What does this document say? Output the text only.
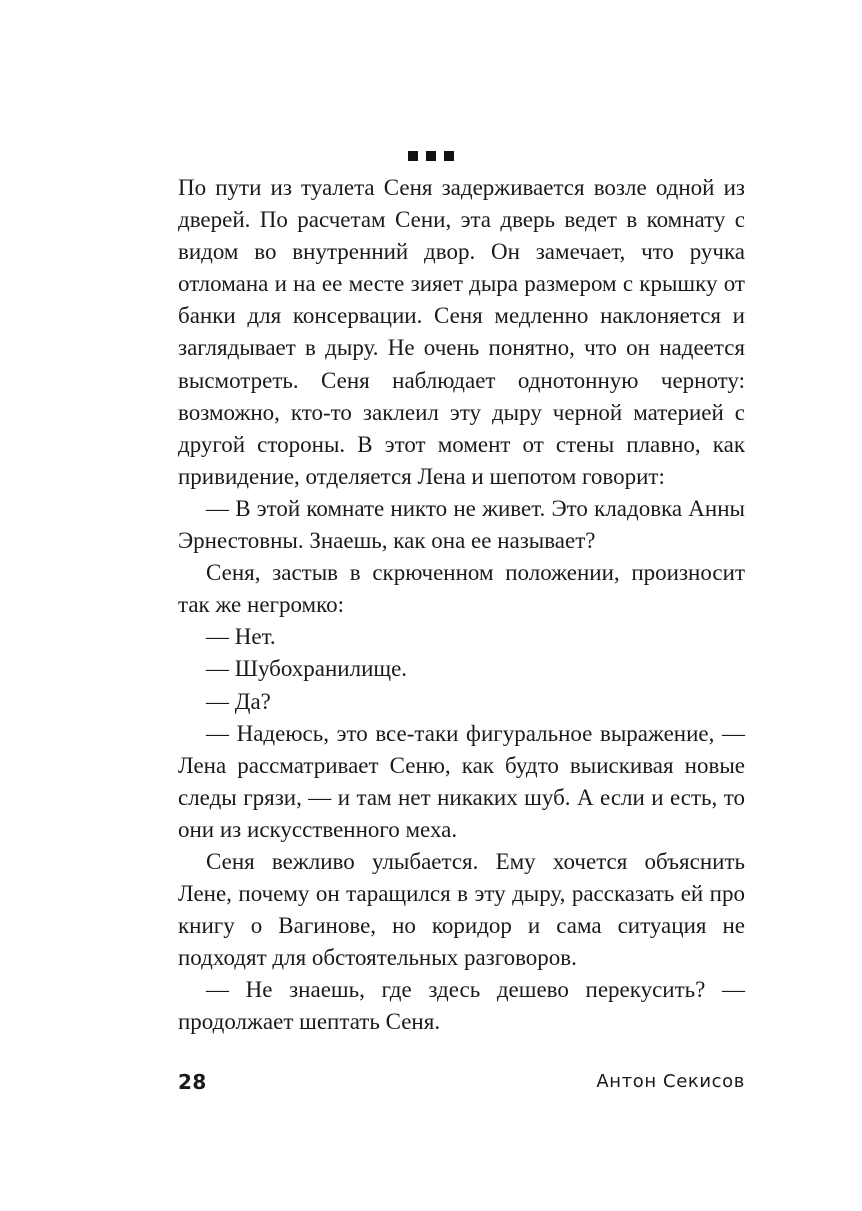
По пути из туалета Сеня задерживается возле одной из дверей. По расчетам Сени, эта дверь ведет в комнату с видом во внутренний двор. Он замечает, что ручка отломана и на ее месте зияет дыра размером с крышку от банки для консервации. Сеня медленно наклоняется и заглядывает в дыру. Не очень понятно, что он надеется высмотреть. Сеня наблюдает однотонную черноту: возможно, кто-то заклеил эту дыру черной материей с другой стороны. В этот момент от стены плавно, как привидение, отделяется Лена и шепотом говорит:

— В этой комнате никто не живет. Это кладовка Анны Эрнестовны. Знаешь, как она ее называет?

Сеня, застыв в скрюченном положении, произносит так же негромко:

— Нет.

— Шубохранилище.

— Да?

— Надеюсь, это все-таки фигуральное выражение, — Лена рассматривает Сеню, как будто выискивая новые следы грязи, — и там нет никаких шуб. А если и есть, то они из искусственного меха.

Сеня вежливо улыбается. Ему хочется объяснить Лене, почему он таращился в эту дыру, рассказать ей про книгу о Вагинове, но коридор и сама ситуация не подходят для обстоятельных разговоров.

— Не знаешь, где здесь дешево перекусить? — продолжает шептать Сеня.

28	Антон Секисов
